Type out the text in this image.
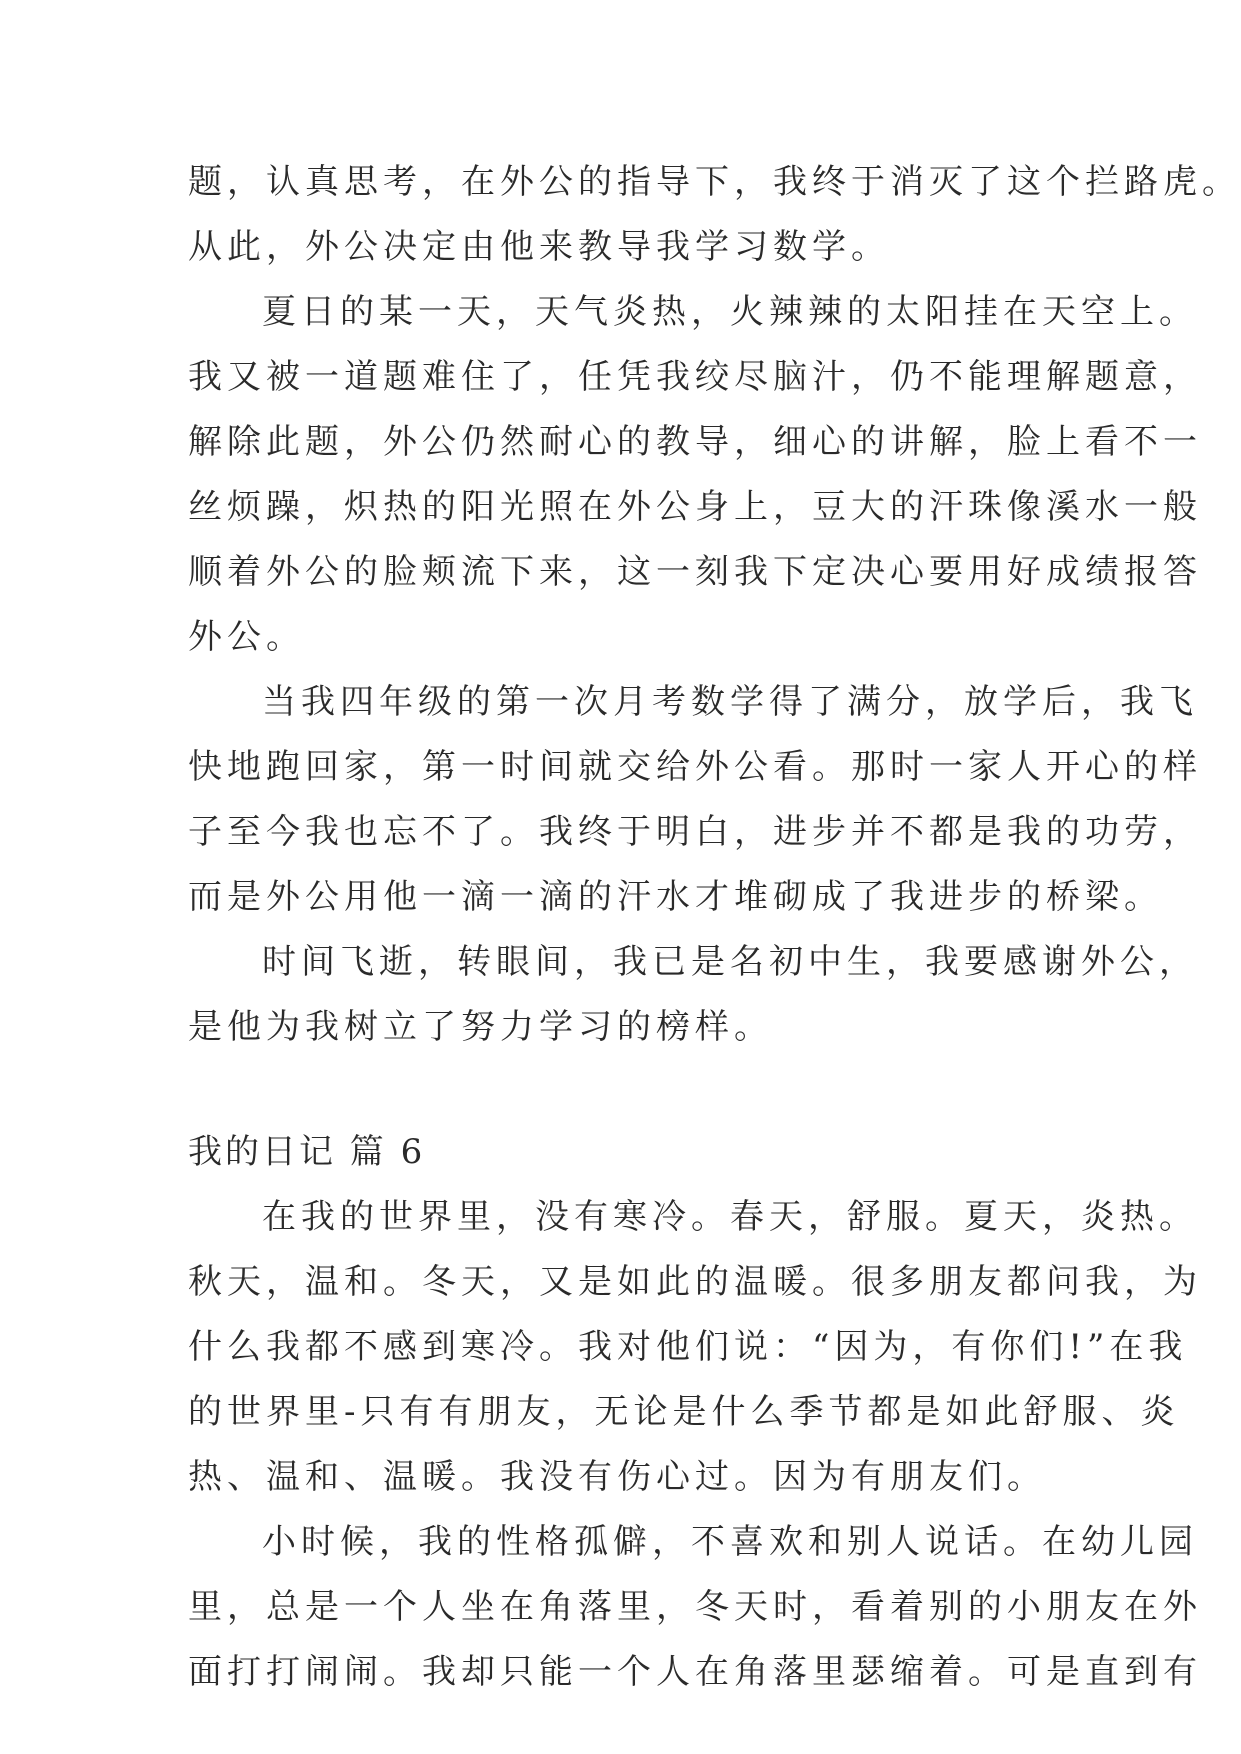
题，认真思考，在外公的指导下，我终于消灭了这个拦路虎。
从此，外公决定由他来教导我学习数学。
夏日的某一天，天气炎热，火辣辣的太阳挂在天空上。
我又被一道题难住了，任凭我绞尽脑汁，仍不能理解题意，
解除此题，外公仍然耐心的教导，细心的讲解，脸上看不一
丝烦躁，炽热的阳光照在外公身上，豆大的汗珠像溪水一般
顺着外公的脸颊流下来，这一刻我下定决心要用好成绩报答
外公。
当我四年级的第一次月考数学得了满分，放学后，我飞
快地跑回家，第一时间就交给外公看。那时一家人开心的样
子至今我也忘不了。我终于明白，进步并不都是我的功劳，
而是外公用他一滴一滴的汗水才堆砌成了我进步的桥梁。
时间飞逝，转眼间，我已是名初中生，我要感谢外公，
是他为我树立了努力学习的榜样。
我的日记 篇 6
在我的世界里，没有寒冷。春天，舒服。夏天，炎热。
秋天，温和。冬天，又是如此的温暖。很多朋友都问我，为
什么我都不感到寒冷。我对他们说：“因为，有你们!”在我
的世界里-只有有朋友，无论是什么季节都是如此舒服、炎
热、温和、温暖。我没有伤心过。因为有朋友们。
小时候，我的性格孤僻，不喜欢和别人说话。在幼儿园
里，总是一个人坐在角落里，冬天时，看着别的小朋友在外
面打打闹闹。我却只能一个人在角落里瑟缩着。可是直到有
